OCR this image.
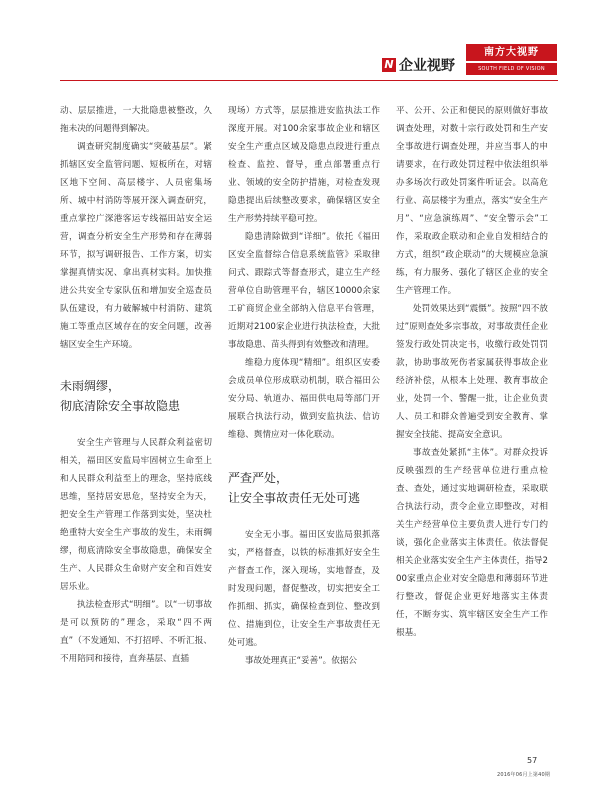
N 企业视野
南方大视野
SOUTH FIELD OF VISION

动、层层推进，一大批隐患被整改，久拖未决的问题得到解决。

调查研究制度确实“突破基层”。紧抓辖区安全监管问题、短板所在，对辖区地下空间、高层楼宇、人员密集场所、城中村消防等展开深入调查研究，重点掌控广深港客运专线福田站安全运营，调查分析安全生产形势和存在薄弱环节，拟写调研报告、工作方案，切实掌握真情实况、拿出真材实料。加快推进公共安全专家队伍和增加安全巡查员队伍建设，有力破解城中村消防、建筑施工等重点区域存在的安全问题，改善辖区安全生产环境。

未雨绸缪，
彻底清除安全事故隐患

安全生产管理与人民群众利益密切相关，福田区安监局牢固树立生命至上和人民群众利益至上的理念，坚持底线思维，坚持居安思危，坚持安全为天，把安全生产管理工作落到实处，坚决杜绝重特大安全生产事故的发生，未雨绸缪，彻底清除安全事故隐患，确保安全生产、人民群众生命财产安全和百姓安居乐业。

执法检查形式“明细”。以“一切事故是可以预防的”理念，采取“四不两直”（不发通知、不打招呼、不听汇报、不用陪同和接待，直奔基层、直插

现场）方式等，层层推进安监执法工作深度开展。对100余家事故企业和辖区安全生产重点区域及隐患点段进行重点检查、监控、督导，重点部署重点行业、领域的安全防护措施，对检查发现隐患提出后续整改要求，确保辖区安全生产形势持续平稳可控。

隐患清除做到“详细”。依托《福田区安全监督综合信息系统监管》采取律问式、跟踪式等督查形式，建立生产经营单位自助管理平台，辖区10000余家工矿商贸企业全部纳入信息平台管理，近期对2100家企业进行执法检查，大批事故隐患、苗头得到有效整改和清理。

维稳力度体现“精细”。组织区安委会成员单位形成联动机制，联合福田公安分局、轨道办、福田供电局等部门开展联合执法行动，做到安监执法、信访维稳、舆情应对一体化联动。

严查严处，
让安全事故责任无处可逃

安全无小事。福田区安监局狠抓落实，严格督查，以铁的标准抓好安全生产督查工作，深入现场，实地督查，及时发现问题，督促整改，切实把安全工作抓细、抓实，确保检查到位、整改到位、措施到位，让安全生产事故责任无处可逃。

事故处理真正“妥善”。依据公

平、公开、公正和便民的原则做好事故调查处理，对数十宗行政处罚和生产安全事故进行调查处理，并应当事人的申请要求，在行政处罚过程中依法组织举办多场次行政处罚案件听证会。以高危行业、高层楼宇为重点，落实“安全生产月”、“应急演练周”、“安全警示会”工作，采取政企联动和企业自发相结合的方式，组织“政企联动”的大规模应急演练，有力服务、强化了辖区企业的安全生产管理工作。

处罚效果达到“震慑”。按照“四不放过”原则查处多宗事故，对事故责任企业签发行政处罚决定书，收缴行政处罚罚款，协助事故死伤者家属获得事故企业经济补偿，从根本上处理、教育事故企业，处罚一个、警醒一批，让企业负责人、员工和群众普遍受到安全教育、掌握安全技能、提高安全意识。

事故查处紧抓“主体”。对群众投诉反映强烈的生产经营单位进行重点检查、查处，通过实地调研检查，采取联合执法行动，责令企业立即整改，对相关生产经营单位主要负责人进行专门约谈，强化企业落实主体责任。依法督促相关企业落实安全生产主体责任，指导200家重点企业对安全隐患和薄弱环节进行整改，督促企业更好地落实主体责任，不断夯实、筑牢辖区安全生产工作根基。

57
2016年06月上第40期
